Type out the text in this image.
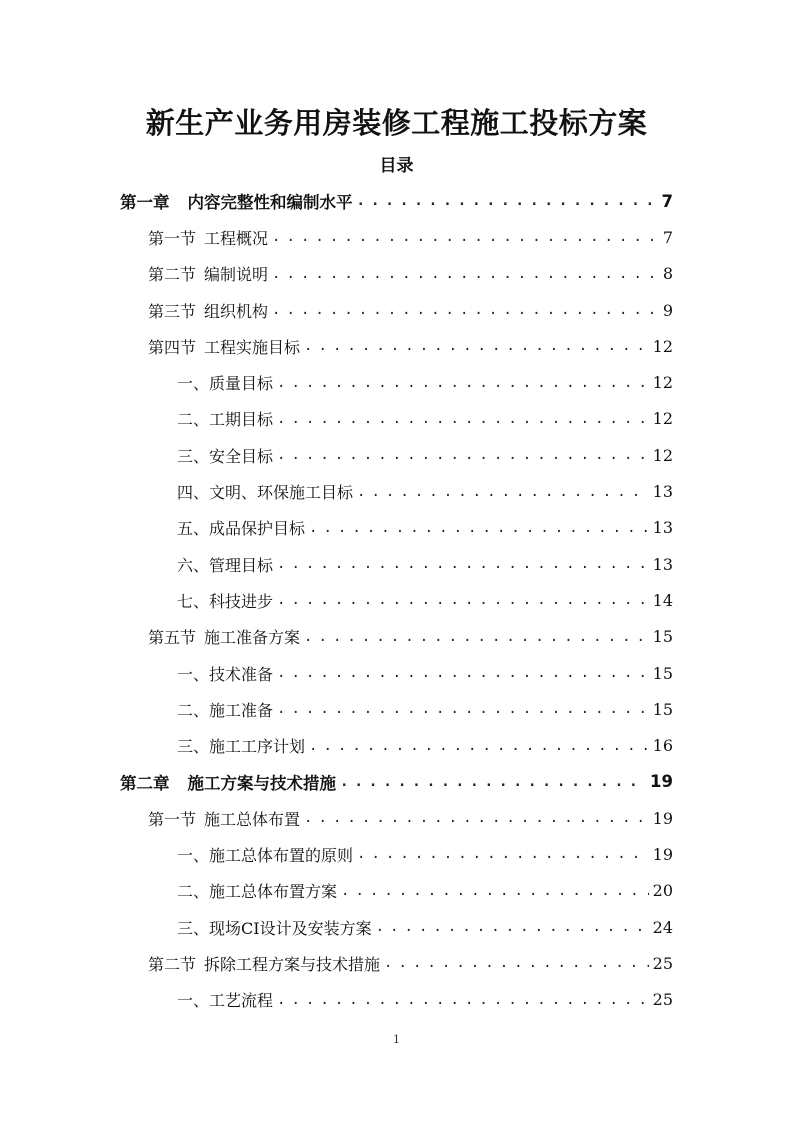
新生产业务用房装修工程施工投标方案
目录
第一章 内容完整性和编制水平 . . .	7
第一节 工程概况 . . .	7
第二节 编制说明 . . .	8
第三节 组织机构 . . .	9
第四节 工程实施目标 . . .	12
一、质量目标 . . .	12
二、工期目标 . . .	12
三、安全目标 . . .	12
四、文明、环保施工目标 . . .	13
五、成品保护目标 . . .	13
六、管理目标 . . .	13
七、科技进步 . . .	14
第五节 施工准备方案 . . .	15
一、技术准备 . . .	15
二、施工准备 . . .	15
三、施工工序计划 . . .	16
第二章 施工方案与技术措施 . . .	19
第一节 施工总体布置 . . .	19
一、施工总体布置的原则 . . .	19
二、施工总体布置方案 . . .	20
三、现场CI设计及安装方案 . . .	24
第二节 拆除工程方案与技术措施 . . .	25
一、工艺流程 . . .	25
1
